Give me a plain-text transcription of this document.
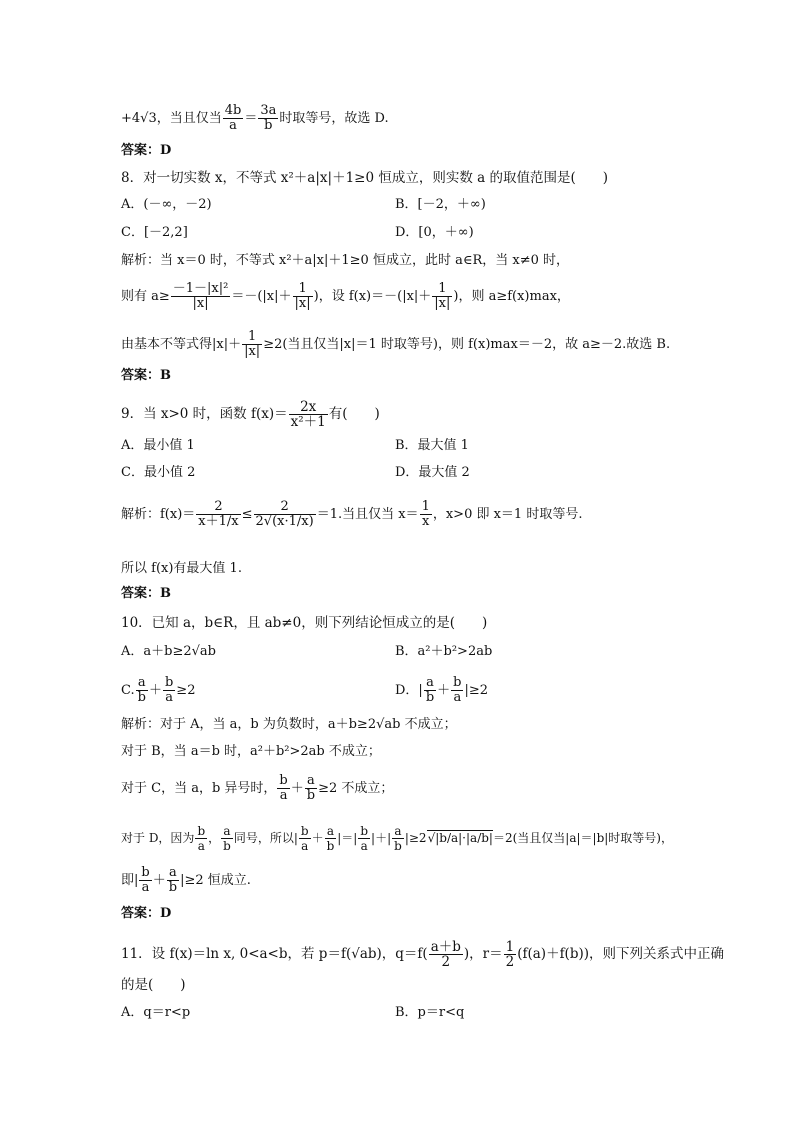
+4√3，当且仅当 $\frac{4b}{a} = \frac{3a}{b}$ 时取等号，故选 D.
答案：D
8．对一切实数 x，不等式 x²＋a|x|＋1≥0 恒成立，则实数 a 的取值范围是(　　)
A．(－∞，－2)	B．[－2，＋∞)
C．[－2,2]	D．[0，＋∞)
解析：当 x＝0 时，不等式 x²＋a|x|＋1≥0 恒成立，此时 a∈R，当 x≠0 时，
则有 $a\ge \frac{\text{－1－|x|²}}{|x|} =-(|x|+ \frac{1}{|x|}$ )，设 $f(x)=-(|x|+ \frac{1}{|x|}$ )，则 a≥f(x)max，
由基本不等式得$|x|+ \frac{1}{|x|} \ge 2$(当且仅当|x|＝1 时取等号)，则 f(x)max＝－2，故 a≥－2.故选 B.
答案：B
9．当 x>0 时，函数 $f(x)= \frac{2x}{\text{x²＋1}}$ 有(　　)
A．最小值 1	B．最大值 1
C．最小值 2	D．最大值 2
解析：$f(x)= \frac{2}{x+1/x} \le \frac{2}{2√(x\cdot 1/x)} =1$.当且仅当 $x= \frac{1}{x}$ ，x>0 即 x＝1 时取等号.
所以 f(x)有最大值 1.
答案：B
10．已知 a，b∈R，且 ab≠0，则下列结论恒成立的是(　　)
A．a＋b≥2√ab	B．a²＋b²>2ab
C. $\frac{a}{b} + \frac{b}{a} \ge 2$	D．| $\frac{a}{b} + \frac{b}{a} |\ge 2$
解析：对于 A，当 a，b 为负数时，a＋b≥2√ab 不成立；
对于 B，当 a＝b 时，a²＋b²>2ab 不成立；
对于 C，当 a，b 异号时， $\frac{b}{a} + \frac{a}{b} \ge 2$ 不成立；
对于 D，因为 $\frac{b}{a}$ ， $\frac{a}{b}$ 同号，所以| $\frac{b}{a} + \frac{a}{b}$ |＝| $\frac{b}{a}$ |＋| $\frac{a}{b} |\ge 2√$ |b/a|·|a/b|＝2(当且仅当|a|＝|b|时取等号)，
即| $\frac{b}{a} + \frac{a}{b} |\ge 2$ 恒成立.
答案：D
11．设 f(x)＝ln x, 0<a<b，若 p＝f(√ab)，$q=f( \frac{a+b}{2}$ )，$r= \frac{1}{2} (f(a)+f(b))$，则下列关系式中正确
的是(　　)
A．q＝r<p	B．p＝r<q
